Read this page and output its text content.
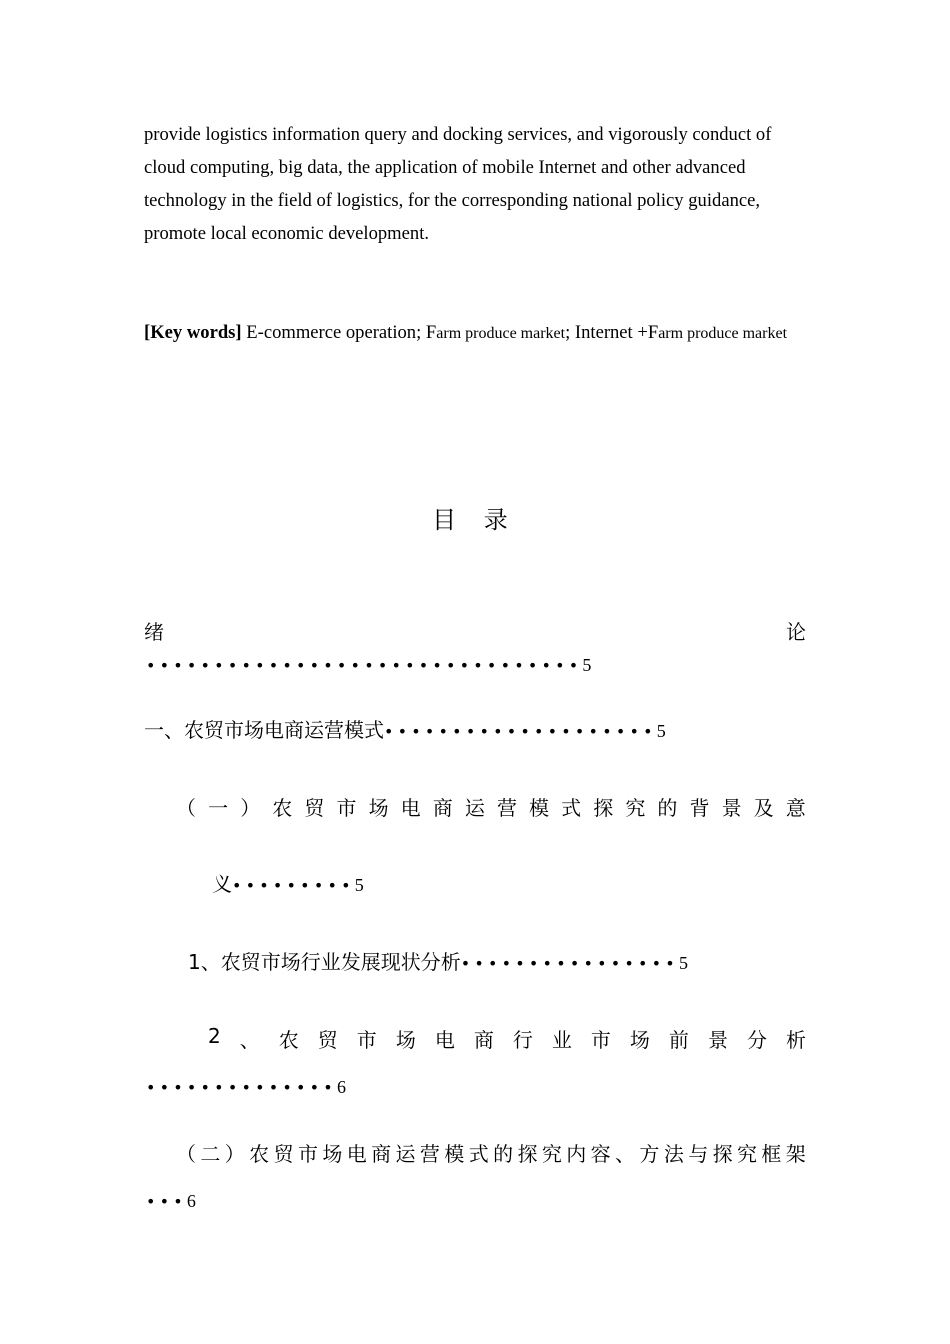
provide logistics information query and docking services, and vigorously conduct of cloud computing, big data, the application of mobile Internet and other advanced technology in the field of logistics, for the corresponding national policy guidance, promote local economic development.

[Key words] E-commerce operation; Farm produce market; Internet +Farm produce market

目 录
绪	论
••••••••••••••••••••••••••••••••5
一、农贸市场电商运营模式••••••••••••••••••••5
（ 一 ） 农 贸 市 场 电 商 运 营 模 式 探 究 的 背 景 及 意
义•••••••••5
1、农贸市场行业发展现状分析••••••••••••••••5
2 、 农 贸 市 场 电 商 行 业 市 场 前 景 分 析
••••••••••••••6
（ 二 ） 农 贸 市 场 电 商 运 营 模 式 的 探 究 内 容 、 方 法 与 探 究 框 架
•••6
